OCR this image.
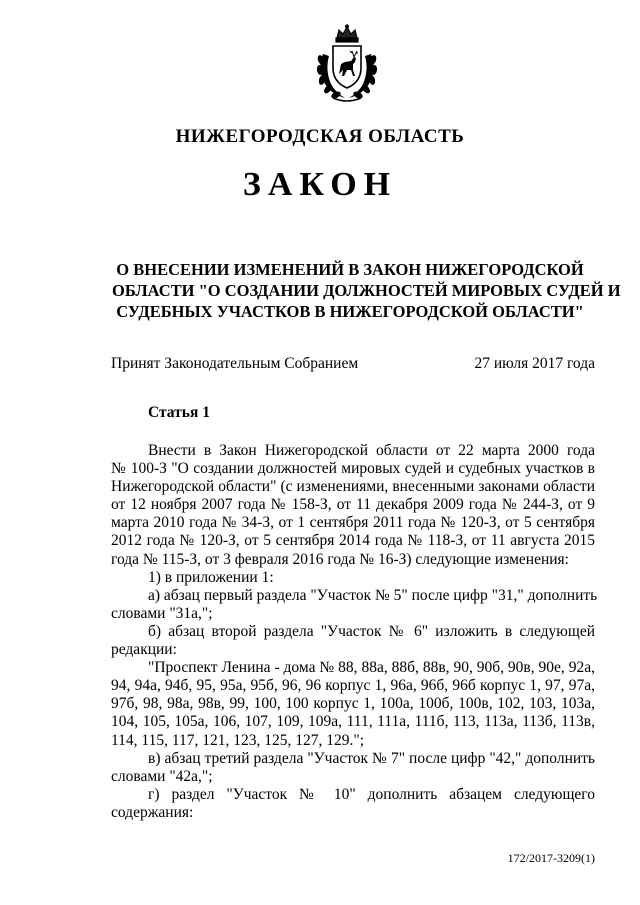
НИЖЕГОРОДСКАЯ ОБЛАСТЬ
ЗАКОН
О ВНЕСЕНИИ ИЗМЕНЕНИЙ В ЗАКОН НИЖЕГОРОДСКОЙ
ОБЛАСТИ "О СОЗДАНИИ ДОЛЖНОСТЕЙ МИРОВЫХ СУДЕЙ И
СУДЕБНЫХ УЧАСТКОВ В НИЖЕГОРОДСКОЙ ОБЛАСТИ"
Принят Законодательным Собранием	27 июля 2017 года
Статья 1
Внести в Закон Нижегородской области от 22 марта 2000 года
№ 100-З "О создании должностей мировых судей и судебных участков в
Нижегородской области" (с изменениями, внесенными законами области
от 12 ноября 2007 года № 158-З, от 11 декабря 2009 года № 244-З, от 9
марта 2010 года № 34-З, от 1 сентября 2011 года № 120-З, от 5 сентября
2012 года № 120-З, от 5 сентября 2014 года № 118-З, от 11 августа 2015
года № 115-З, от 3 февраля 2016 года № 16-З) следующие изменения:
1) в приложении 1:
а) абзац первый раздела "Участок № 5" после цифр "31," дополнить
словами "31а,";
б) абзац второй раздела "Участок № 6" изложить в следующей
редакции:
"Проспект Ленина - дома № 88, 88а, 88б, 88в, 90, 90б, 90в, 90е, 92а,
94, 94а, 94б, 95, 95а, 95б, 96, 96 корпус 1, 96а, 96б, 96б корпус 1, 97, 97а,
97б, 98, 98а, 98в, 99, 100, 100 корпус 1, 100а, 100б, 100в, 102, 103, 103а,
104, 105, 105а, 106, 107, 109, 109а, 111, 111а, 111б, 113, 113а, 113б, 113в,
114, 115, 117, 121, 123, 125, 127, 129.";
в) абзац третий раздела "Участок № 7" после цифр "42," дополнить
словами "42а,";
г) раздел "Участок № 10" дополнить абзацем следующего
содержания:
172/2017-3209(1)
